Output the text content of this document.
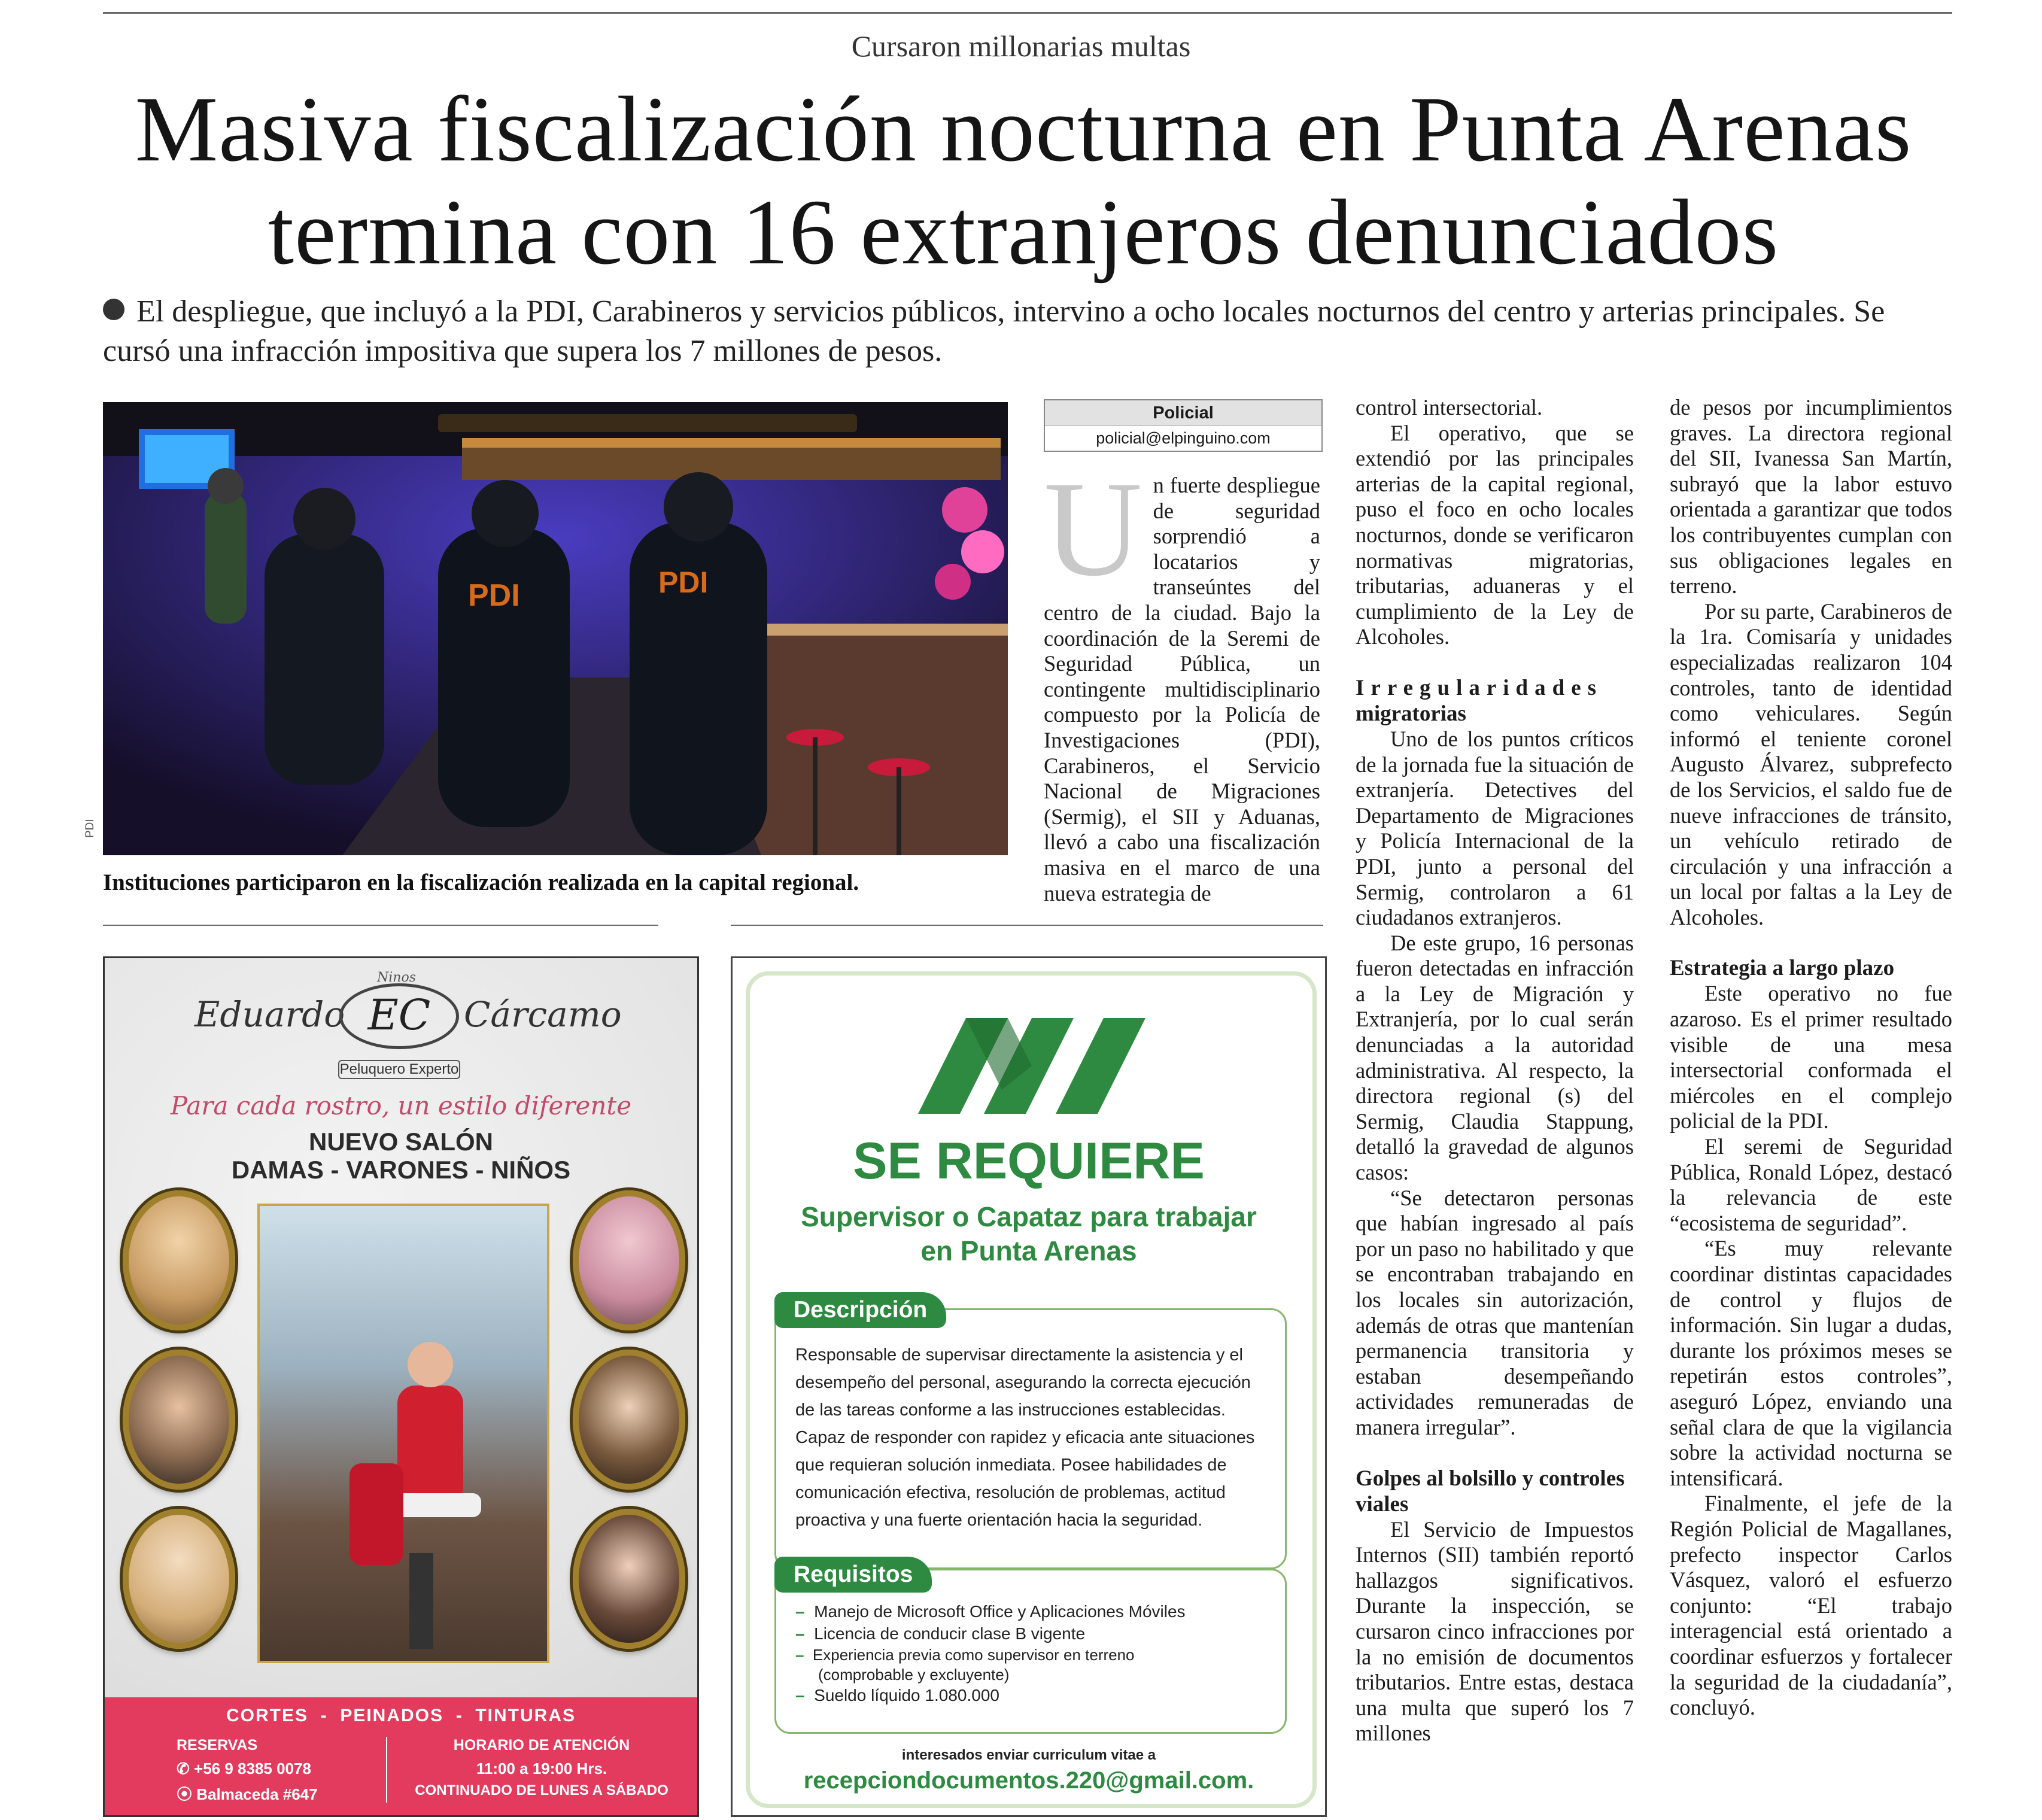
Cursaron millonarias multas
Masiva fiscalización nocturna en Punta Arenas
termina con 16 extranjeros denunciados
El despliegue, que incluyó a la PDI, Carabineros y servicios públicos, intervino a ocho locales nocturnos del centro y arterias principales. Se cursó una infracción impositiva que supera los 7 millones de pesos.
PDI	PDI
PDI
Instituciones participaron en la fiscalización realizada en la capital regional.
Policial
policial@elpinguino.com
U n fuerte despliegue de seguridad sorprendió a locatarios y transeúntes del centro de la ciudad. Bajo la coordinación de la Seremi de Seguridad Pública, un contingente multidisciplinario compuesto por la Policía de Investigaciones (PDI), Carabineros, el Servicio Nacional de Migraciones (Sermig), el SII y Aduanas, llevó a cabo una fiscalización masiva en el marco de una nueva estrategia de

control intersectorial.

El operativo, que se extendió por las principales arterias de la capital regional, puso el foco en ocho locales nocturnos, donde se verificaron normativas migratorias, tributarias, aduaneras y el cumplimiento de la Ley de Alcoholes.

Irregularidades
migratorias

Uno de los puntos críticos de la jornada fue la situación de extranjería. Detectives del Departamento de Migraciones y Policía Internacional de la PDI, junto a personal del Sermig, controlaron a 61 ciudadanos extranjeros.

De este grupo, 16 personas fueron detectadas en infracción a la Ley de Migración y Extranjería, por lo cual serán denunciadas a la autoridad administrativa. Al respecto, la directora regional (s) del Sermig, Claudia Stappung, detalló la gravedad de algunos casos:

“Se detectaron personas que habían ingresado al país por un paso no habilitado y que se encontraban trabajando en los locales sin autorización, además de otras que mantenían permanencia transitoria y estaban desempeñando actividades remuneradas de manera irregular”.

Golpes al bolsillo y controles viales

El Servicio de Impuestos Internos (SII) también reportó hallazgos significativos. Durante la inspección, se cursaron cinco infracciones por la no emisión de documentos tributarios. Entre estas, destaca una multa que superó los 7 millones

de pesos por incumplimientos graves. La directora regional del SII, Ivanessa San Martín, subrayó que la labor estuvo orientada a garantizar que todos los contribuyentes cumplan con sus obligaciones legales en terreno.

Por su parte, Carabineros de la 1ra. Comisaría y unidades especializadas realizaron 104 controles, tanto de identidad como vehiculares. Según informó el teniente coronel Augusto Álvarez, subprefecto de los Servicios, el saldo fue de nueve infracciones de tránsito, un vehículo retirado de circulación y una infracción a un local por faltas a la Ley de Alcoholes.

Estrategia a largo plazo

Este operativo no fue azaroso. Es el primer resultado visible de una mesa intersectorial conformada el miércoles en el complejo policial de la PDI.

El seremi de Seguridad Pública, Ronald López, destacó la relevancia de este “ecosistema de seguridad”.

“Es muy relevante coordinar distintas capacidades de control y flujos de información. Sin lugar a dudas, durante los próximos meses se repetirán estos controles”, aseguró López, enviando una señal clara de que la vigilancia sobre la actividad nocturna se intensificará.

Finalmente, el jefe de la Región Policial de Magallanes, prefecto inspector Carlos Vásquez, valoró el esfuerzo conjunto: “El trabajo interagencial está orientado a coordinar esfuerzos y fortalecer la seguridad de la ciudadanía”, concluyó.

Ninos
Eduardo EC Cárcamo
Peluquero Experto
Para cada rostro, un estilo diferente
NUEVO SALÓN
DAMAS - VARONES - NIÑOS
CORTES  -  PEINADOS  -  TINTURAS
RESERVAS
✆ +56 9 8385 0078
⦿ Balmaceda #647
HORARIO DE ATENCIÓN
11:00 a 19:00 Hrs.
CONTINUADO DE LUNES A SÁBADO
SE REQUIERE
Supervisor o Capataz para trabajar
en Punta Arenas
Descripción
Responsable de supervisar directamente la asistencia y el desempeño del personal, asegurando la correcta ejecución de las tareas conforme a las instrucciones establecidas. Capaz de responder con rapidez y eficacia ante situaciones que requieran solución inmediata. Posee habilidades de comunicación efectiva, resolución de problemas, actitud proactiva y una fuerte orientación hacia la seguridad.
Requisitos
– Manejo de Microsoft Office y Aplicaciones Móviles
– Licencia de conducir clase B vigente
– Experiencia previa como supervisor en terreno
(comprobable y excluyente)
– Sueldo líquido 1.080.000
interesados enviar curriculum vitae a
recepciondocumentos.220@gmail.com.
